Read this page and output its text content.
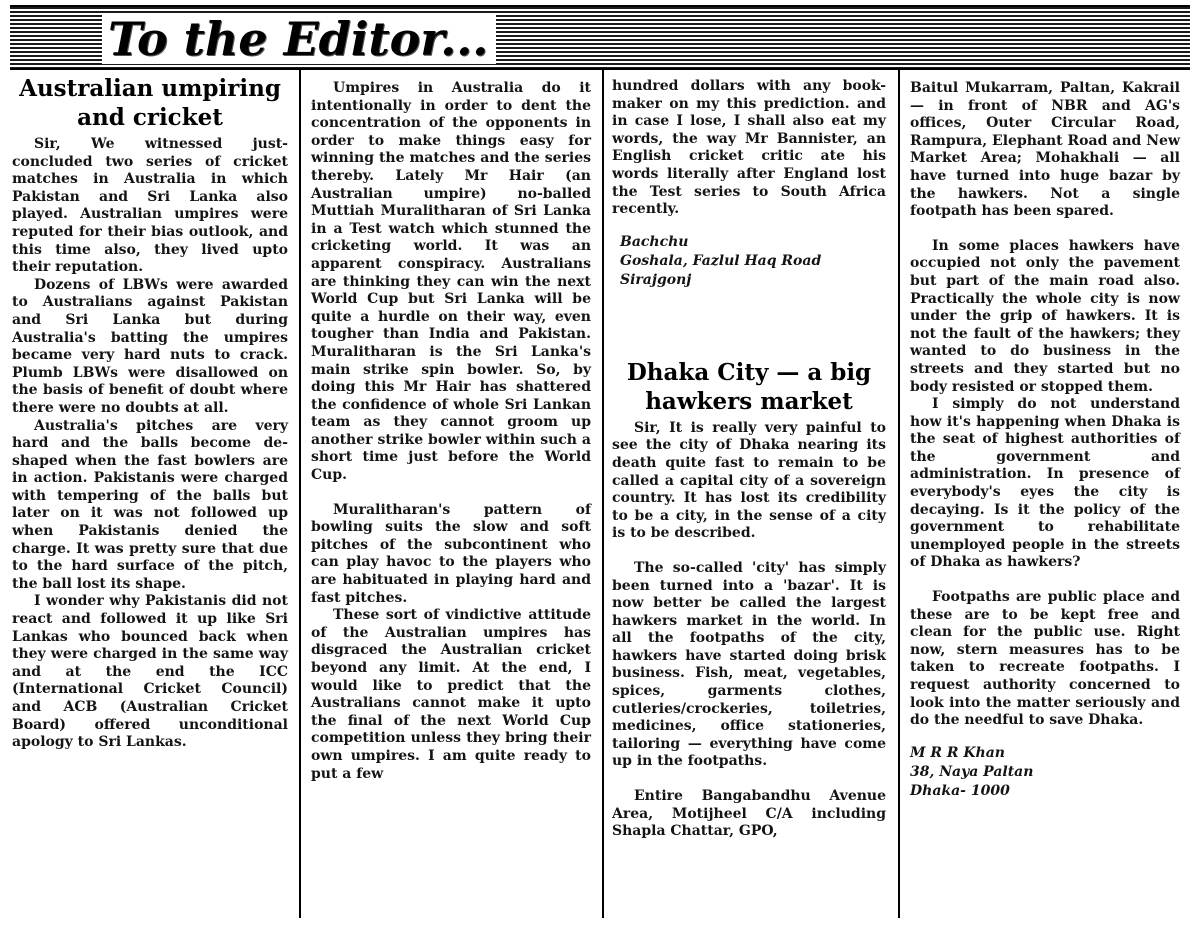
To the Editor...
Australian umpiring and cricket

Sir, We witnessed just-concluded two series of cricket matches in Australia in which Pakistan and Sri Lanka also played. Australian umpires were reputed for their bias outlook, and this time also, they lived upto their reputation.

Dozens of LBWs were awarded to Australians against Pakistan and Sri Lanka but during Australia's batting the umpires became very hard nuts to crack. Plumb LBWs were disallowed on the basis of benefit of doubt where there were no doubts at all.

Australia's pitches are very hard and the balls become de-shaped when the fast bowlers are in action. Pakistanis were charged with tempering of the balls but later on it was not followed up when Pakistanis denied the charge. It was pretty sure that due to the hard surface of the pitch, the ball lost its shape.

I wonder why Pakistanis did not react and followed it up like Sri Lankas who bounced back when they were charged in the same way and at the end the ICC (International Cricket Council) and ACB (Australian Cricket Board) offered unconditional apology to Sri Lankas.

Umpires in Australia do it intentionally in order to dent the concentration of the opponents in order to make things easy for winning the matches and the series thereby. Lately Mr Hair (an Australian umpire) no-balled Muttiah Muralitharan of Sri Lanka in a Test watch which stunned the cricketing world. It was an apparent conspiracy. Australians are thinking they can win the next World Cup but Sri Lanka will be quite a hurdle on their way, even tougher than India and Pakistan. Muralitharan is the Sri Lanka's main strike spin bowler. So, by doing this Mr Hair has shattered the confidence of whole Sri Lankan team as they cannot groom up another strike bowler within such a short time just before the World Cup.

Muralitharan's pattern of bowling suits the slow and soft pitches of the subcontinent who can play havoc to the players who are habituated in playing hard and fast pitches.

These sort of vindictive attitude of the Australian umpires has disgraced the Australian cricket beyond any limit. At the end, I would like to predict that the Australians cannot make it upto the final of the next World Cup competition unless they bring their own umpires. I am quite ready to put a few

hundred dollars with any book-maker on my this prediction. and in case I lose, I shall also eat my words, the way Mr Bannister, an English cricket critic ate his words literally after England lost the Test series to South Africa recently.

Bachchu
Goshala, Fazlul Haq Road
Sirajgonj
Dhaka City — a big hawkers market

Sir, It is really very painful to see the city of Dhaka nearing its death quite fast to remain to be called a capital city of a sovereign country. It has lost its credibility to be a city, in the sense of a city is to be described.

The so-called 'city' has simply been turned into a 'bazar'. It is now better be called the largest hawkers market in the world. In all the footpaths of the city, hawkers have started doing brisk business. Fish, meat, vegetables, spices, garments clothes, cutleries/crockeries, toiletries, medicines, office stationeries, tailoring — everything have come up in the footpaths.

Entire Bangabandhu Avenue Area, Motijheel C/A including Shapla Chattar, GPO,

Baitul Mukarram, Paltan, Kakrail — in front of NBR and AG's offices, Outer Circular Road, Rampura, Elephant Road and New Market Area; Mohakhali — all have turned into huge bazar by the hawkers. Not a single footpath has been spared.

In some places hawkers have occupied not only the pavement but part of the main road also. Practically the whole city is now under the grip of hawkers. It is not the fault of the hawkers; they wanted to do business in the streets and they started but no body resisted or stopped them.

I simply do not understand how it's happening when Dhaka is the seat of highest authorities of the government and administration. In presence of everybody's eyes the city is decaying. Is it the policy of the government to rehabilitate unemployed people in the streets of Dhaka as hawkers?

Footpaths are public place and these are to be kept free and clean for the public use. Right now, stern measures has to be taken to recreate footpaths. I request authority concerned to look into the matter seriously and do the needful to save Dhaka.

M R R Khan
38, Naya Paltan
Dhaka- 1000
